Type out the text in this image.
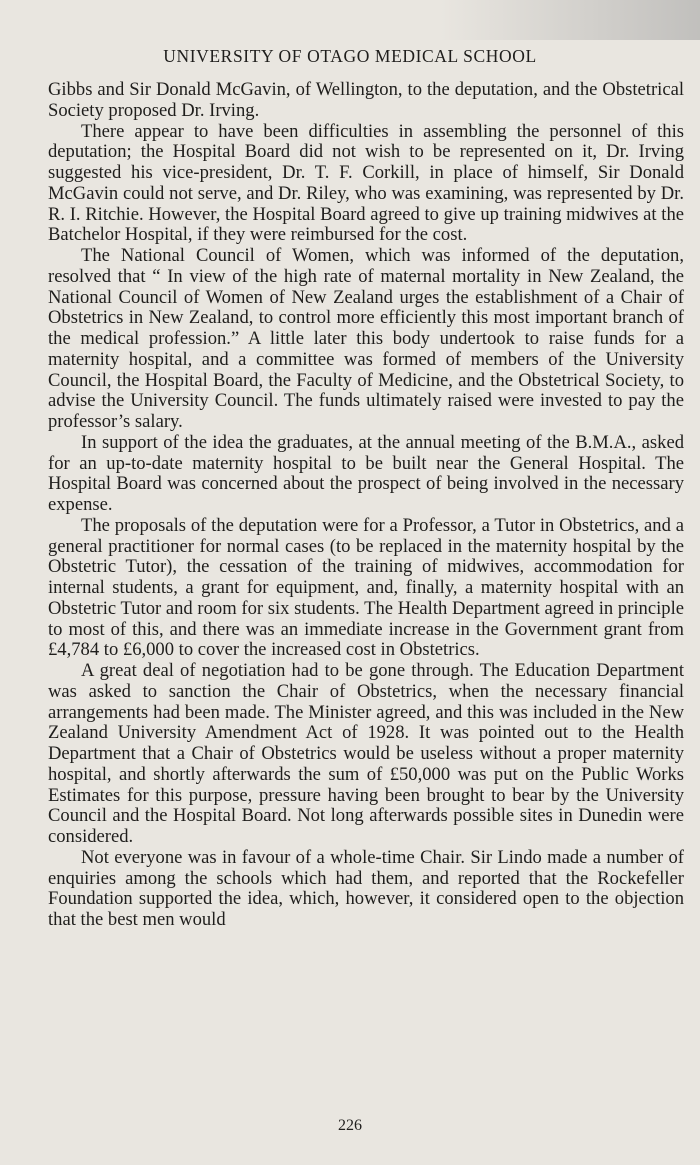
UNIVERSITY OF OTAGO MEDICAL SCHOOL

Gibbs and Sir Donald McGavin, of Wellington, to the deputation, and the Obstetrical Society proposed Dr. Irving.

There appear to have been difficulties in assembling the personnel of this deputation; the Hospital Board did not wish to be represented on it, Dr. Irving suggested his vice-president, Dr. T. F. Corkill, in place of himself, Sir Donald McGavin could not serve, and Dr. Riley, who was examining, was represented by Dr. R. I. Ritchie. However, the Hospital Board agreed to give up training midwives at the Batchelor Hospital, if they were reimbursed for the cost.

The National Council of Women, which was informed of the deputation, resolved that “ In view of the high rate of maternal mortality in New Zealand, the National Council of Women of New Zealand urges the establishment of a Chair of Obstetrics in New Zealand, to control more efficiently this most important branch of the medical profession.” A little later this body undertook to raise funds for a maternity hospital, and a committee was formed of members of the University Council, the Hospital Board, the Faculty of Medicine, and the Obstetrical Society, to advise the University Council. The funds ultimately raised were invested to pay the professor’s salary.

In support of the idea the graduates, at the annual meeting of the B.M.A., asked for an up-to-date maternity hospital to be built near the General Hospital. The Hospital Board was concerned about the prospect of being involved in the necessary expense.

The proposals of the deputation were for a Professor, a Tutor in Obstetrics, and a general practitioner for normal cases (to be replaced in the maternity hospital by the Obstetric Tutor), the cessation of the training of midwives, accommodation for internal students, a grant for equipment, and, finally, a maternity hospital with an Obstetric Tutor and room for six students. The Health Department agreed in principle to most of this, and there was an immediate increase in the Government grant from £4,784 to £6,000 to cover the increased cost in Obstetrics.

A great deal of negotiation had to be gone through. The Education Department was asked to sanction the Chair of Obstetrics, when the necessary financial arrangements had been made. The Minister agreed, and this was included in the New Zealand University Amendment Act of 1928. It was pointed out to the Health Department that a Chair of Obstetrics would be useless without a proper maternity hospital, and shortly afterwards the sum of £50,000 was put on the Public Works Estimates for this purpose, pressure having been brought to bear by the University Council and the Hospital Board. Not long afterwards possible sites in Dunedin were considered.

Not everyone was in favour of a whole-time Chair. Sir Lindo made a number of enquiries among the schools which had them, and reported that the Rockefeller Foundation supported the idea, which, however, it considered open to the objection that the best men would

226
